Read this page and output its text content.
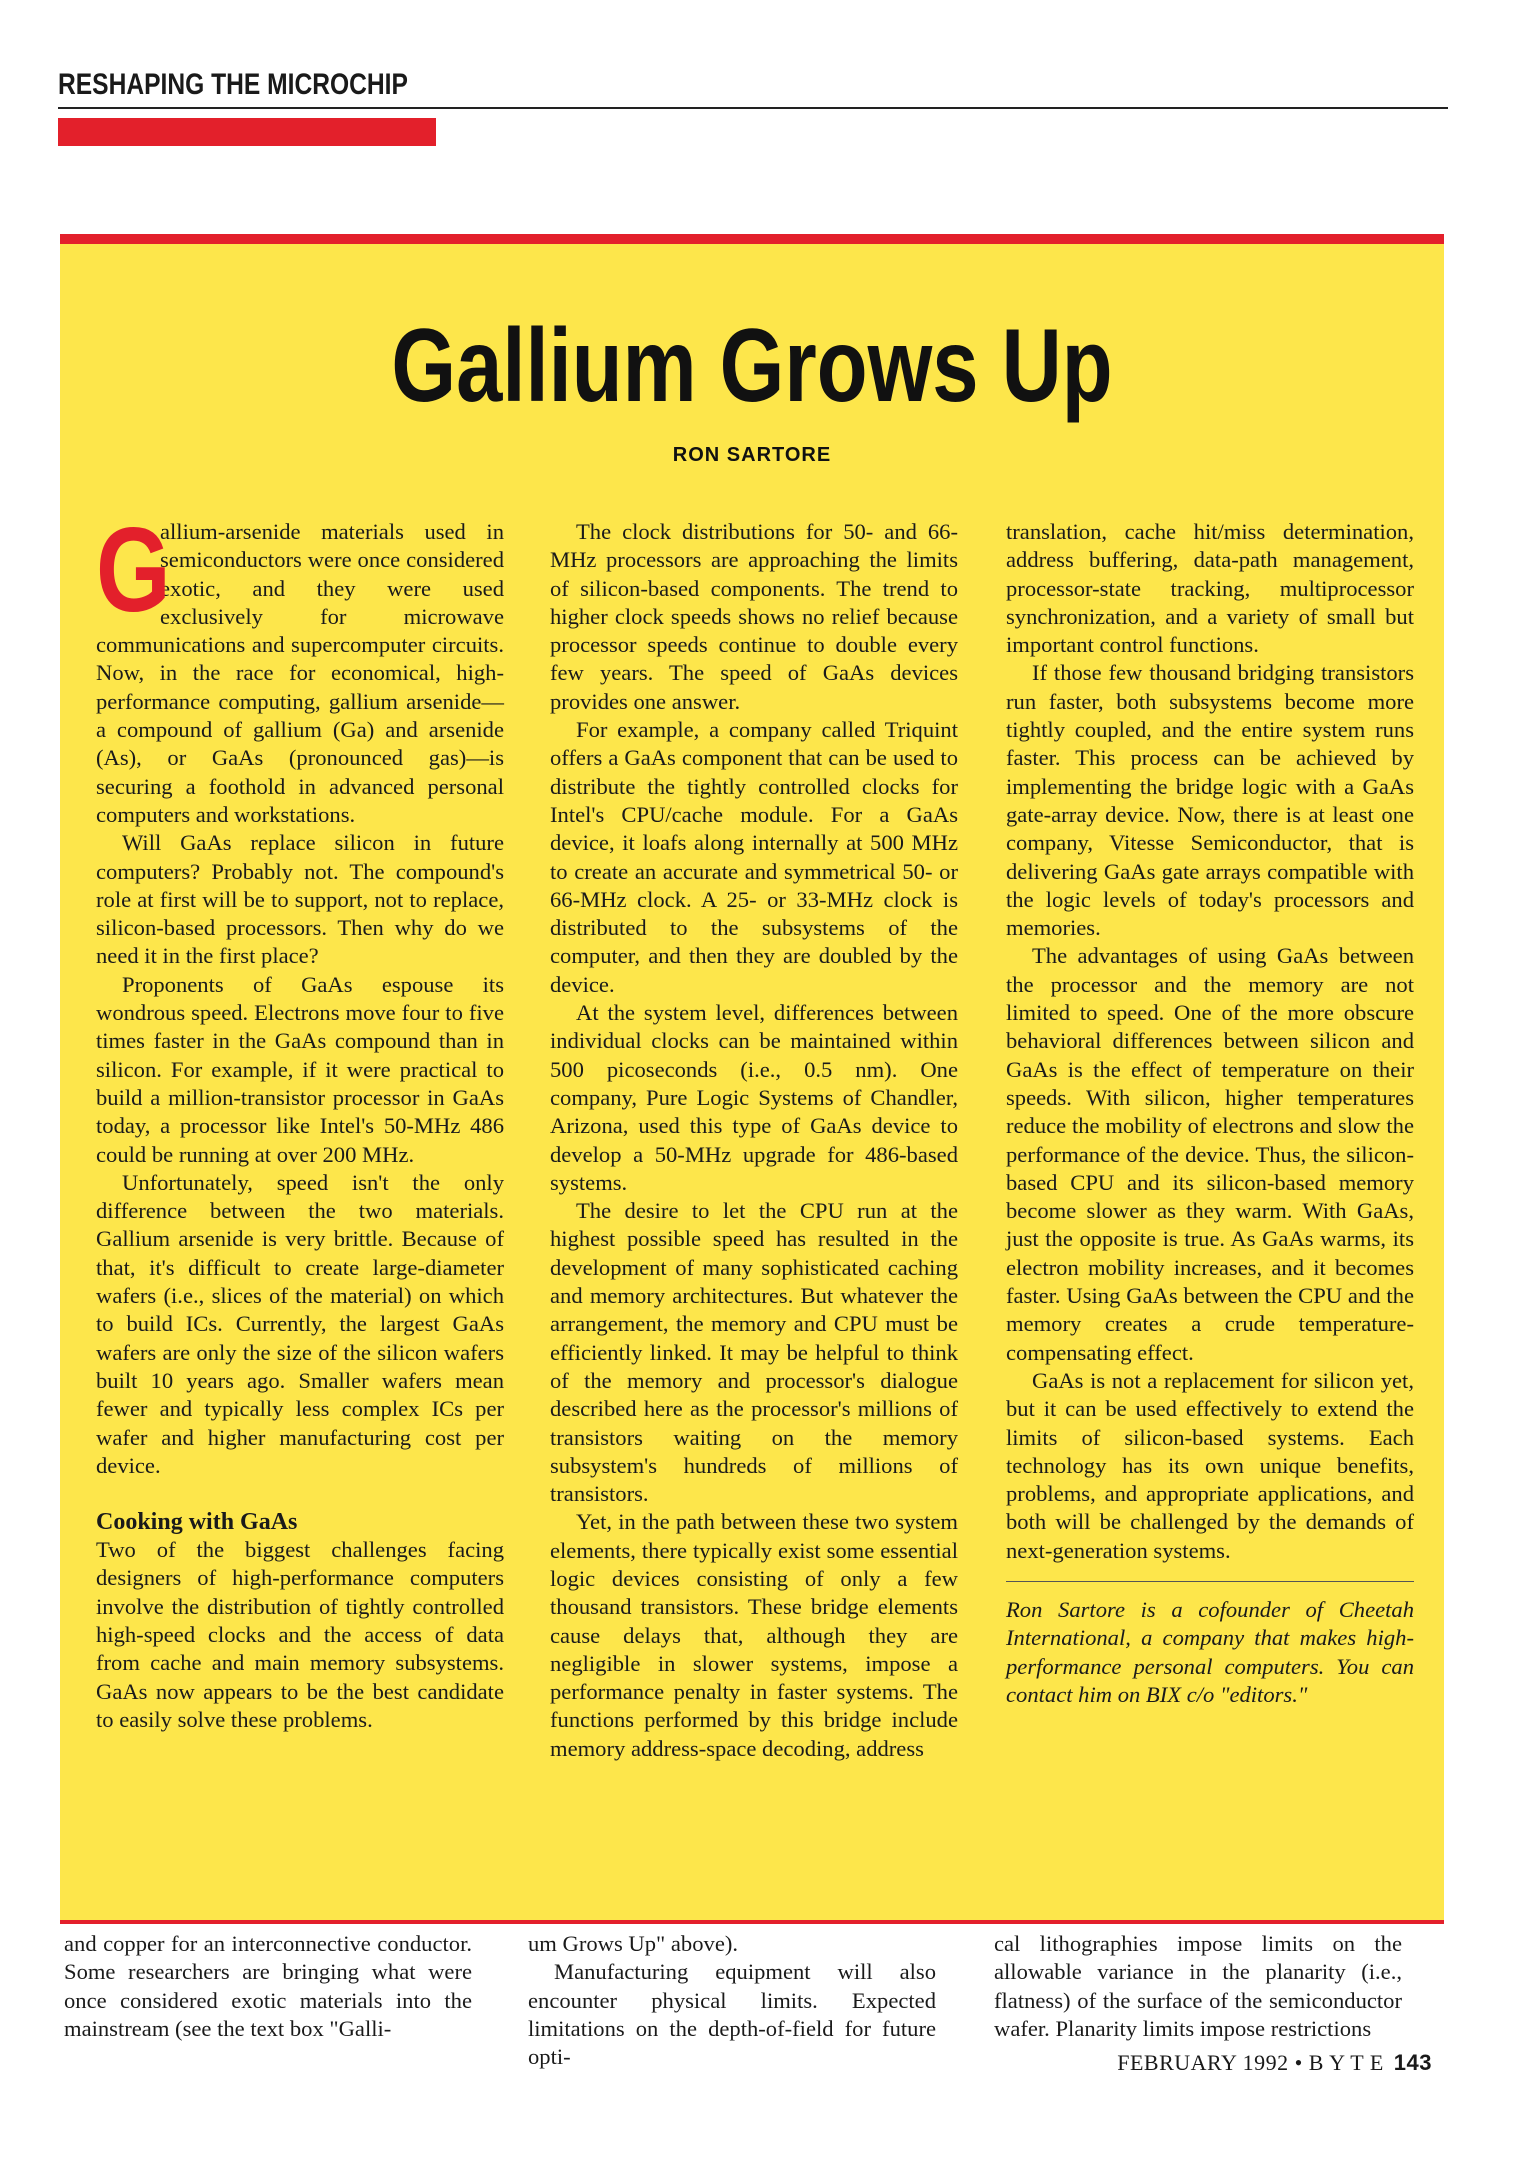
RESHAPING THE MICROCHIP
Gallium Grows Up
RON SARTORE

G
allium-arsenide materials used in semiconductors were once considered exotic, and they were used exclusively for microwave communications and supercomputer circuits. Now, in the race for economical, high-performance computing, gallium arsenide—a compound of gallium (Ga) and arsenide (As), or GaAs (pronounced gas)—is securing a foothold in advanced personal computers and workstations.

Will GaAs replace silicon in future computers? Probably not. The compound's role at first will be to support, not to replace, silicon-based processors. Then why do we need it in the first place?

Proponents of GaAs espouse its wondrous speed. Electrons move four to five times faster in the GaAs compound than in silicon. For example, if it were practical to build a million-transistor processor in GaAs today, a processor like Intel's 50-MHz 486 could be running at over 200 MHz.

Unfortunately, speed isn't the only difference between the two materials. Gallium arsenide is very brittle. Because of that, it's difficult to create large-diameter wafers (i.e., slices of the material) on which to build ICs. Currently, the largest GaAs wafers are only the size of the silicon wafers built 10 years ago. Smaller wafers mean fewer and typically less complex ICs per wafer and higher manufacturing cost per device.

Cooking with GaAs

Two of the biggest challenges facing designers of high-performance computers involve the distribution of tightly controlled high-speed clocks and the access of data from cache and main memory subsystems. GaAs now appears to be the best candidate to easily solve these problems.

The clock distributions for 50- and 66-MHz processors are approaching the limits of silicon-based components. The trend to higher clock speeds shows no relief because processor speeds continue to double every few years. The speed of GaAs devices provides one answer.

For example, a company called Triquint offers a GaAs component that can be used to distribute the tightly controlled clocks for Intel's CPU/cache module. For a GaAs device, it loafs along internally at 500 MHz to create an accurate and symmetrical 50- or 66-MHz clock. A 25- or 33-MHz clock is distributed to the subsystems of the computer, and then they are doubled by the device.

At the system level, differences between individual clocks can be maintained within 500 picoseconds (i.e., 0.5 nm). One company, Pure Logic Systems of Chandler, Arizona, used this type of GaAs device to develop a 50-MHz upgrade for 486-based systems.

The desire to let the CPU run at the highest possible speed has resulted in the development of many sophisticated caching and memory architectures. But whatever the arrangement, the memory and CPU must be efficiently linked. It may be helpful to think of the memory and processor's dialogue described here as the processor's millions of transistors waiting on the memory subsystem's hundreds of millions of transistors.

Yet, in the path between these two system elements, there typically exist some essential logic devices consisting of only a few thousand transistors. These bridge elements cause delays that, although they are negligible in slower systems, impose a performance penalty in faster systems. The functions performed by this bridge include memory address-space decoding, address

translation, cache hit/miss determination, address buffering, data-path management, processor-state tracking, multiprocessor synchronization, and a variety of small but important control functions.

If those few thousand bridging transistors run faster, both subsystems become more tightly coupled, and the entire system runs faster. This process can be achieved by implementing the bridge logic with a GaAs gate-array device. Now, there is at least one company, Vitesse Semiconductor, that is delivering GaAs gate arrays compatible with the logic levels of today's processors and memories.

The advantages of using GaAs between the processor and the memory are not limited to speed. One of the more obscure behavioral differences between silicon and GaAs is the effect of temperature on their speeds. With silicon, higher temperatures reduce the mobility of electrons and slow the performance of the device. Thus, the silicon-based CPU and its silicon-based memory become slower as they warm. With GaAs, just the opposite is true. As GaAs warms, its electron mobility increases, and it becomes faster. Using GaAs between the CPU and the memory creates a crude temperature-compensating effect.

GaAs is not a replacement for silicon yet, but it can be used effectively to extend the limits of silicon-based systems. Each technology has its own unique benefits, problems, and appropriate applications, and both will be challenged by the demands of next-generation systems.

Ron Sartore is a cofounder of Cheetah International, a company that makes high-performance personal computers. You can contact him on BIX c/o "editors."

and copper for an interconnective conductor. Some researchers are bringing what were once considered exotic materials into the mainstream (see the text box "Galli-

um Grows Up" above).

Manufacturing equipment will also encounter physical limits. Expected limitations on the depth-of-field for future opti-

cal lithographies impose limits on the allowable variance in the planarity (i.e., flatness) of the surface of the semiconductor wafer. Planarity limits impose restrictions

FEBRUARY 1992 • B Y T E 143
